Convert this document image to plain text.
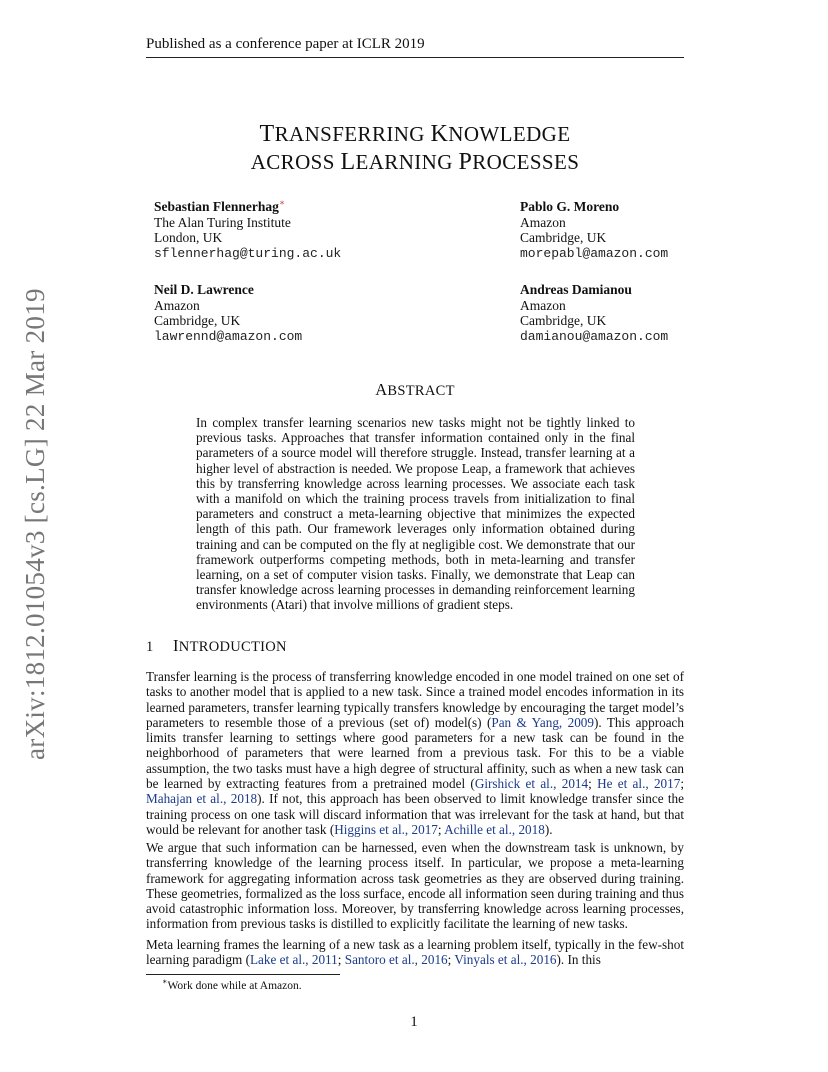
Published as a conference paper at ICLR 2019
arXiv:1812.01054v3 [cs.LG] 22 Mar 2019
TRANSFERRING KNOWLEDGE
ACROSS LEARNING PROCESSES
Sebastian Flennerhag∗
The Alan Turing Institute
London, UK
sflennerhag@turing.ac.uk
Pablo G. Moreno
Amazon
Cambridge, UK
morepabl@amazon.com
Neil D. Lawrence
Amazon
Cambridge, UK
lawrennd@amazon.com
Andreas Damianou
Amazon
Cambridge, UK
damianou@amazon.com
ABSTRACT
In complex transfer learning scenarios new tasks might not be tightly linked to previous tasks. Approaches that transfer information contained only in the final parameters of a source model will therefore struggle. Instead, transfer learning at a higher level of abstraction is needed. We propose Leap, a framework that achieves this by transferring knowledge across learning processes. We associate each task with a manifold on which the training process travels from initialization to final parameters and construct a meta-learning objective that minimizes the expected length of this path. Our framework leverages only information obtained during training and can be computed on the fly at negligible cost. We demonstrate that our framework outperforms competing methods, both in meta-learning and transfer learning, on a set of computer vision tasks. Finally, we demonstrate that Leap can transfer knowledge across learning processes in demanding reinforcement learning environments (Atari) that involve millions of gradient steps.
1 INTRODUCTION
Transfer learning is the process of transferring knowledge encoded in one model trained on one set of tasks to another model that is applied to a new task. Since a trained model encodes information in its learned parameters, transfer learning typically transfers knowledge by encouraging the target model’s parameters to resemble those of a previous (set of) model(s) (Pan & Yang, 2009). This approach limits transfer learning to settings where good parameters for a new task can be found in the neighborhood of parameters that were learned from a previous task. For this to be a viable assumption, the two tasks must have a high degree of structural affinity, such as when a new task can be learned by extracting features from a pretrained model (Girshick et al., 2014; He et al., 2017; Mahajan et al., 2018). If not, this approach has been observed to limit knowledge transfer since the training process on one task will discard information that was irrelevant for the task at hand, but that would be relevant for another task (Higgins et al., 2017; Achille et al., 2018).
We argue that such information can be harnessed, even when the downstream task is unknown, by transferring knowledge of the learning process itself. In particular, we propose a meta-learning framework for aggregating information across task geometries as they are observed during training. These geometries, formalized as the loss surface, encode all information seen during training and thus avoid catastrophic information loss. Moreover, by transferring knowledge across learning processes, information from previous tasks is distilled to explicitly facilitate the learning of new tasks.
Meta learning frames the learning of a new task as a learning problem itself, typically in the few-shot learning paradigm (Lake et al., 2011; Santoro et al., 2016; Vinyals et al., 2016). In this
∗Work done while at Amazon.
1
